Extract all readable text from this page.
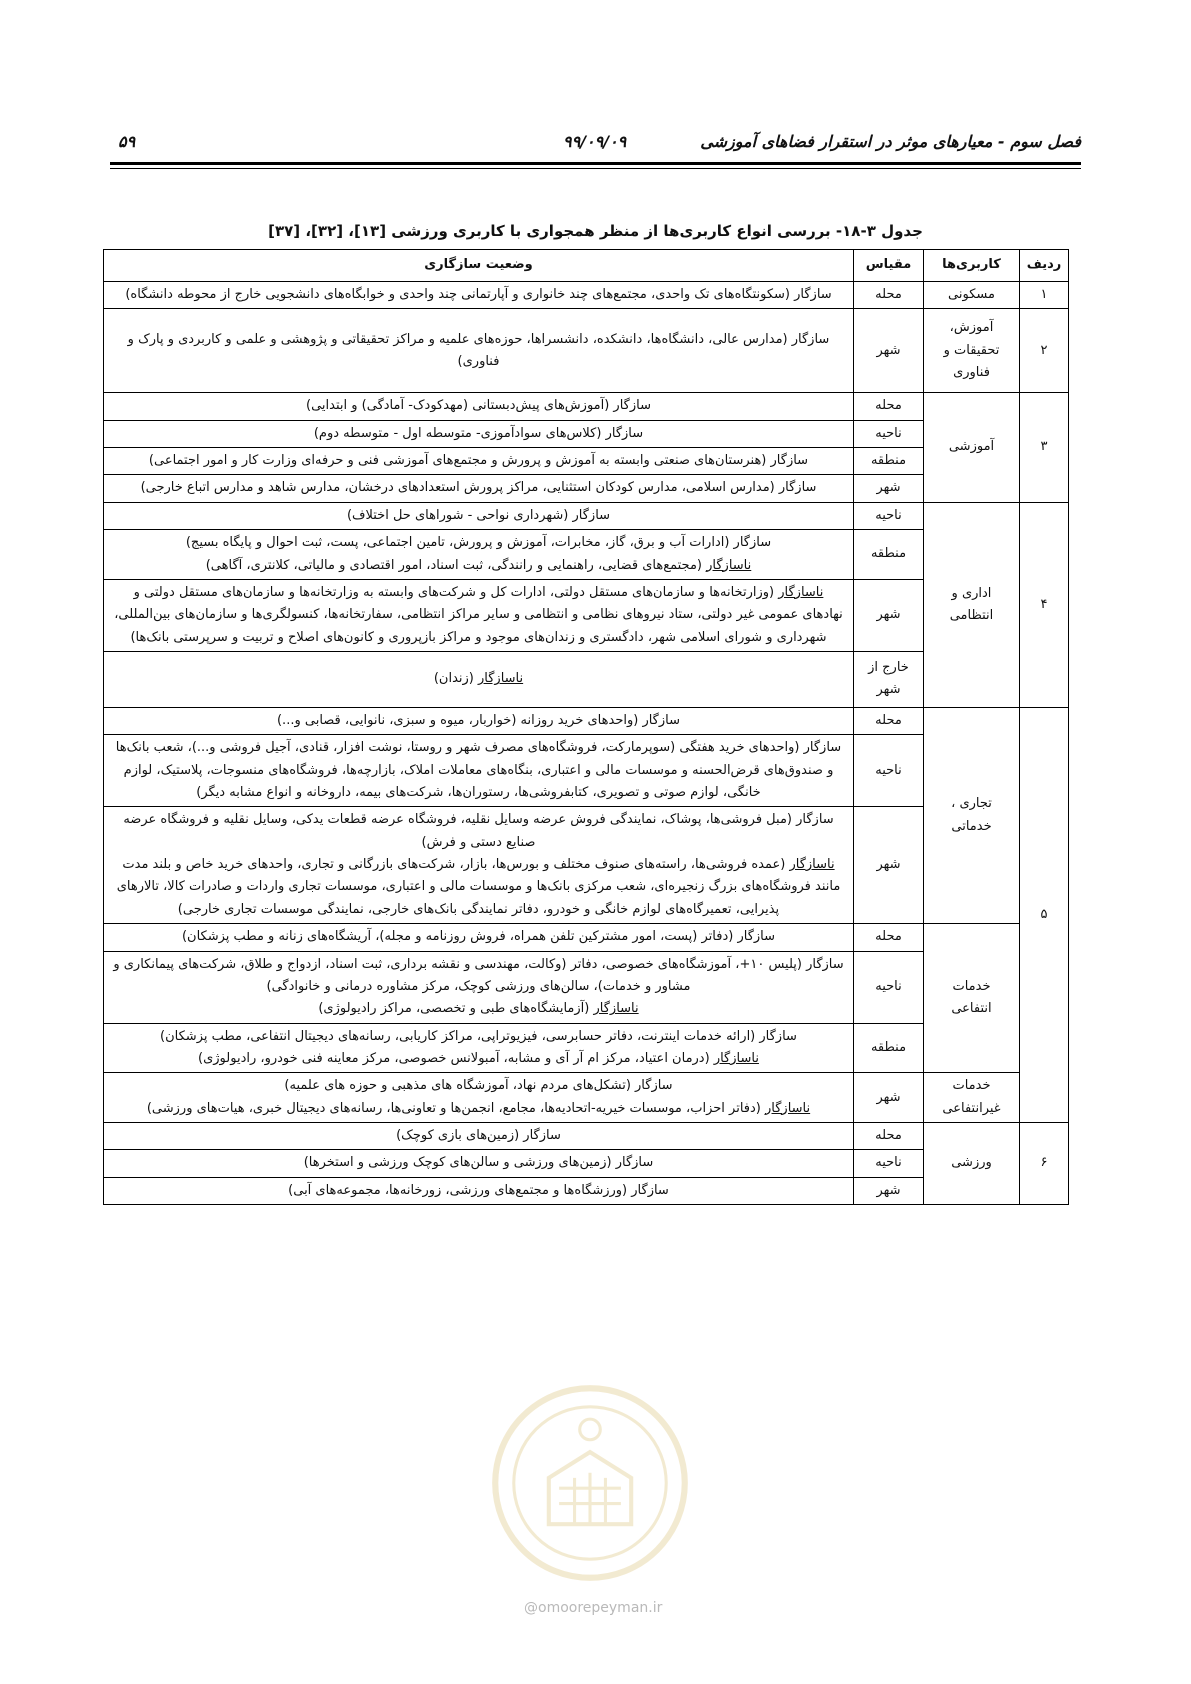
فصل سوم - معیارهای موثر در استقرار فضاهای آموزشی
۹۹/۰۹/۰۹
۵۹
جدول ۳-۱۸- بررسی انواع کاربری‌ها از منظر همجواری با کاربری ورزشی [۱۳]، [۳۲]، [۳۷]
ردیف	کاربری‌ها	مقیاس	وضعیت سازگاری
۱	مسکونی	محله	سازگار (سکونتگاه‌های تک واحدی، مجتمع‌های چند خانواری و آپارتمانی چند واحدی و خوابگاه‌های دانشجویی خارج از محوطه دانشگاه)
۲	آموزش، تحقیقات و فناوری	شهر	سازگار (مدارس عالی، دانشگاه‌ها، دانشکده، دانشسراها، حوزه‌های علمیه و مراکز تحقیقاتی و پژوهشی و علمی و کاربردی و پارک و فناوری)
۳	آموزشی	محله	سازگار (آموزش‌های پیش‌دبستانی (مهدکودک- آمادگی) و ابتدایی)
		ناحیه	سازگار (کلاس‌های سوادآموزی- متوسطه اول - متوسطه دوم)
		منطقه	سازگار (هنرستان‌های صنعتی وابسته به آموزش و پرورش و مجتمع‌های آموزشی فنی و حرفه‌ای وزارت کار و امور اجتماعی)
		شهر	سازگار (مدارس اسلامی، مدارس کودکان استثنایی، مراکز پرورش استعدادهای درخشان، مدارس شاهد و مدارس اتباع خارجی)
۴	اداری و انتظامی	ناحیه	سازگار (شهرداری نواحی - شوراهای حل اختلاف)
		منطقه	سازگار (ادارات آب و برق، گاز، مخابرات، آموزش و پرورش، تامین اجتماعی، پست، ثبت احوال و پایگاه بسیج)
ناسازگار (مجتمع‌های قضایی، راهنمایی و رانندگی، ثبت اسناد، امور اقتصادی و مالیاتی، کلانتری، آگاهی)

		شهر	ناسازگار (وزارتخانه‌ها و سازمان‌های مستقل دولتی، ادارات کل و شرکت‌های وابسته به وزارتخانه‌ها و سازمان‌های مستقل دولتی و نهادهای عمومی غیر دولتی، ستاد نیروهای نظامی و انتظامی و سایر مراکز انتظامی، سفارتخانه‌ها، کنسولگری‌ها و سازمان‌های بین‌المللی، شهرداری و شورای اسلامی شهر، دادگستری و زندان‌های موجود و مراکز بازپروری و کانون‌های اصلاح و تربیت و سرپرستی بانک‌ها)
		خارج از شهر	ناسازگار (زندان)
۵	تجاری ، خدماتی	محله	سازگار (واحدهای خرید روزانه (خواربار، میوه و سبزی، نانوایی، قصابی و...)
		ناحیه	سازگار (واحدهای خرید هفتگی (سوپرمارکت، فروشگاه‌های مصرف شهر و روستا، نوشت افزار، قنادی، آجیل فروشی و...)، شعب بانک‌ها و صندوق‌های قرض‌الحسنه و موسسات مالی و اعتباری، بنگاه‌های معاملات املاک، بازارچه‌ها، فروشگاه‌های منسوجات، پلاستیک، لوازم خانگی، لوازم صوتی و تصویری، کتابفروشی‌ها، رستوران‌ها، شرکت‌های بیمه، داروخانه و انواع مشابه دیگر)
		شهر	سازگار (مبل فروشی‌ها، پوشاک، نمایندگی فروش عرضه وسایل نقلیه، فروشگاه عرضه قطعات یدکی، وسایل نقلیه و فروشگاه عرضه صنایع دستی و فرش)
ناسازگار (عمده فروشی‌ها، راسته‌های صنوف مختلف و بورس‌ها، بازار، شرکت‌های بازرگانی و تجاری، واحدهای خرید خاص و بلند مدت مانند فروشگاه‌های بزرگ زنجیره‌ای، شعب مرکزی بانک‌ها و موسسات مالی و اعتباری، موسسات تجاری واردات و صادرات کالا، تالارهای پذیرایی، تعمیرگاه‌های لوازم خانگی و خودرو، دفاتر نمایندگی بانک‌های خارجی، نمایندگی موسسات تجاری خارجی)

	خدمات انتفاعی	محله	سازگار (دفاتر (پست، امور مشترکین تلفن همراه، فروش روزنامه و مجله)، آریشگاه‌های زنانه و مطب پزشکان)
		ناحیه	سازگار (پلیس ۱۰+، آموزشگاه‌های خصوصی، دفاتر (وکالت، مهندسی و نقشه برداری، ثبت اسناد، ازدواج و طلاق، شرکت‌های پیمانکاری و مشاور و خدمات)، سالن‌های ورزشی کوچک، مرکز مشاوره درمانی و خانوادگی)
ناسازگار (آزمایشگاه‌های طبی و تخصصی، مراکز رادیولوژی)

		منطقه	سازگار (ارائه خدمات اینترنت، دفاتر حسابرسی، فیزیوتراپی، مراکز کاریابی، رسانه‌های دیجیتال انتفاعی، مطب پزشکان)
ناسازگار (درمان اعتیاد، مرکز ام آر آی و مشابه، آمبولانس خصوصی، مرکز معاینه فنی خودرو، رادیولوژی)

	خدمات غیرانتفاعی	شهر	سازگار (تشکل‌های مردم نهاد، آموزشگاه های مذهبی و حوزه های علمیه)
ناسازگار (دفاتر احزاب، موسسات خیریه-اتحادیه‌ها، مجامع، انجمن‌ها و تعاونی‌ها، رسانه‌های دیجیتال خبری، هیات‌های ورزشی)

۶	ورزشی	محله	سازگار (زمین‌های بازی کوچک)
		ناحیه	سازگار (زمین‌های ورزشی و سالن‌های کوچک ورزشی و استخرها)
		شهر	سازگار (ورزشگاه‌ها و مجتمع‌های ورزشی، زورخانه‌ها، مجموعه‌های آبی)
@omoorepeyman.ir
